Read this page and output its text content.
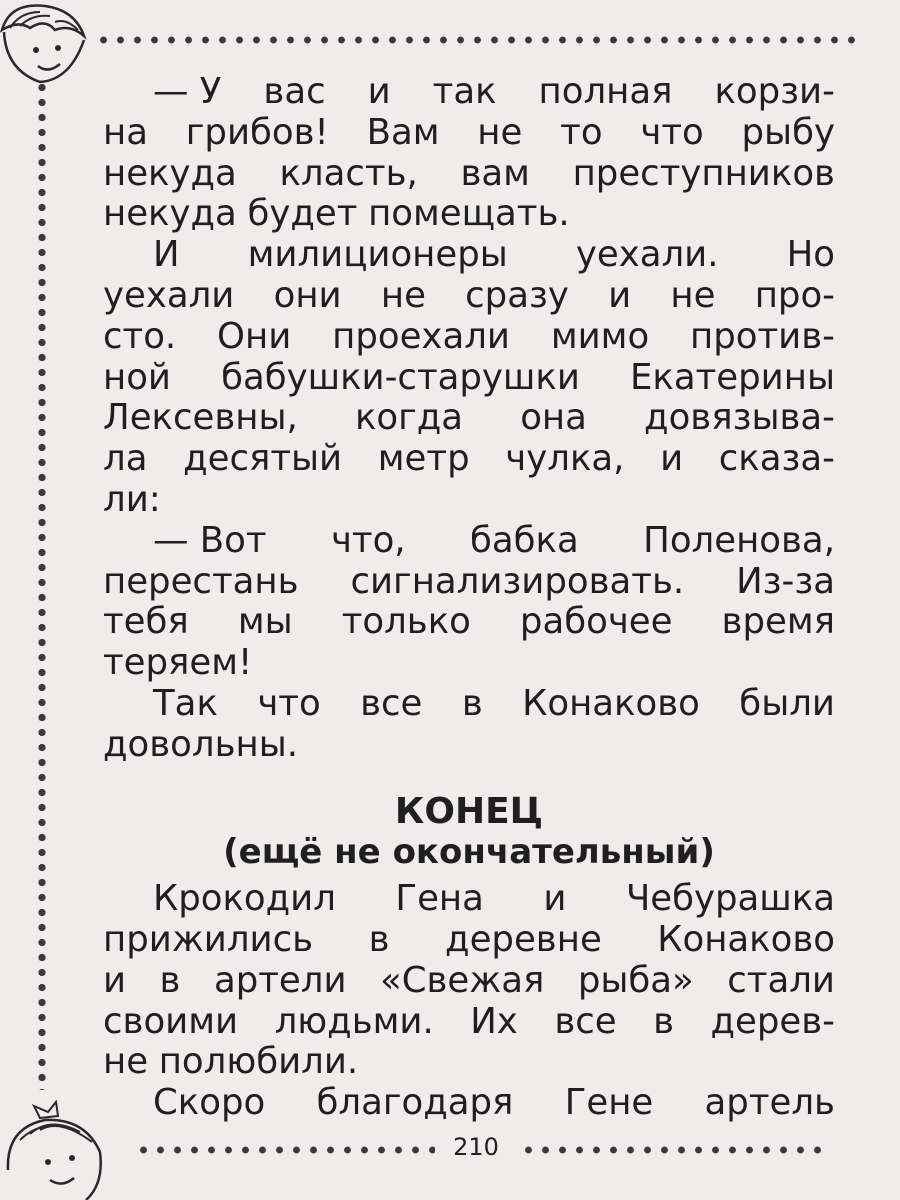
— У вас и так полная корзи-
на грибов! Вам не то что рыбу
некуда класть, вам преступников
некуда будет помещать.
И милиционеры уехали. Но
уехали они не сразу и не про-
сто. Они проехали мимо против-
ной бабушки-старушки Екатерины
Лексевны, когда она довязыва-
ла десятый метр чулка, и сказа-
ли:
— Вот что, бабка Поленова,
перестань сигнализировать. Из-за
тебя мы только рабочее время
теряем!
Так что все в Конаково были
довольны.
КОНЕЦ
(ещё не окончательный)
Крокодил Гена и Чебурашка
прижились в деревне Конаково
и в артели «Свежая рыба» стали
своими людьми. Их все в дерев-
не полюбили.
Скоро благодаря Гене артель
210
